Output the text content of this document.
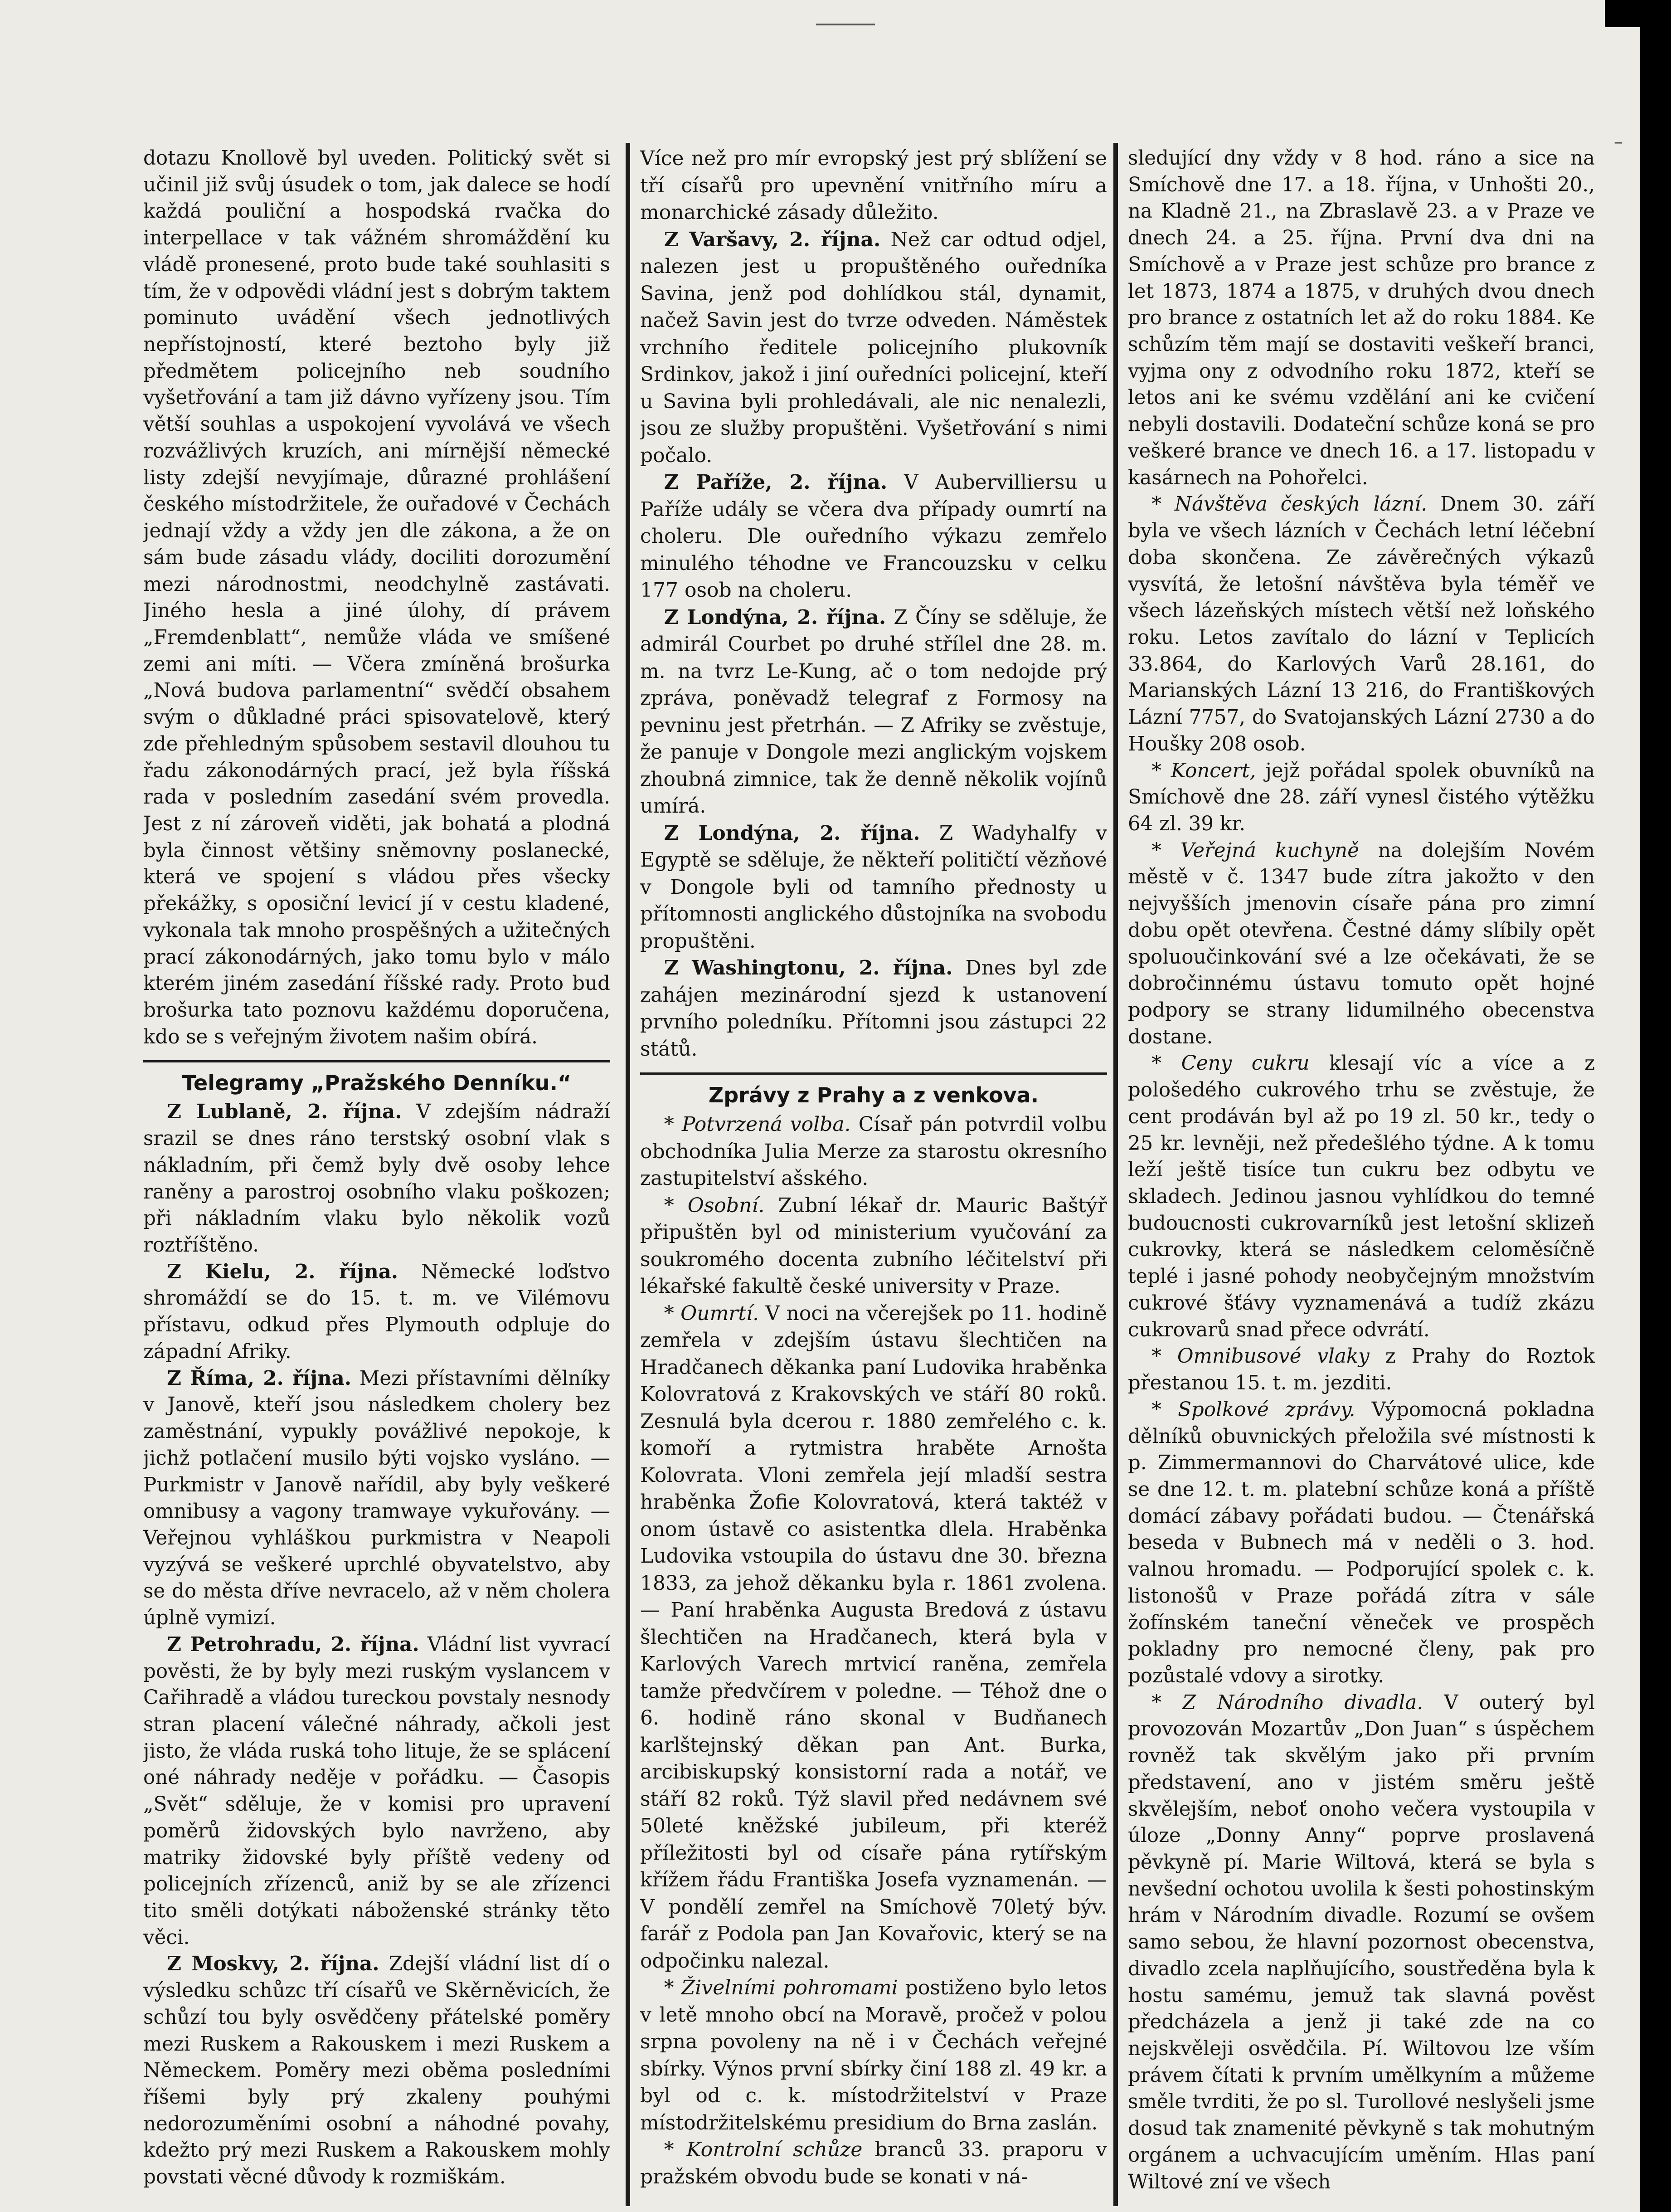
–

dotazu Knollově byl uveden. Politický svět si učinil již svůj úsudek o tom, jak dalece se hodí každá pouliční a hospodská rvačka do interpellace v tak vážném shromáždění ku vládě pronesené, proto bude také souhlasiti s tím, že v odpovědi vládní jest s dobrým taktem pominuto uvádění všech jednotlivých nepřístojností, které beztoho byly již předmětem policejního neb soudního vyšetřování a tam již dávno vyřízeny jsou. Tím větší souhlas a uspokojení vyvolává ve všech rozvážlivých kruzích, ani mírnější německé listy zdejší nevyjímaje, důrazné prohlášení českého místodržitele, že ouřadové v Čechách jednají vždy a vždy jen dle zákona, a že on sám bude zásadu vlády, dociliti dorozumění mezi národnostmi, neodchylně zastávati. Jiného hesla a jiné úlohy, dí právem „Fremdenblatt“, nemůže vláda ve smíšené zemi ani míti. — Včera zmíněná brošurka „Nová budova parlamentní“ svědčí obsahem svým o důkladné práci spisovatelově, který zde přehledným spůsobem sestavil dlouhou tu řadu zákonodárných prací, jež byla říšská rada v posledním zasedání svém provedla. Jest z ní zároveň viděti, jak bohatá a plodná byla činnost většiny sněmovny poslanecké, která ve spojení s vládou přes všecky překážky, s oposiční levicí jí v cestu kladené, vykonala tak mnoho prospěšných a užitečných prací zákonodárných, jako tomu bylo v málo kterém jiném zasedání říšské rady. Proto bud brošurka tato poznovu každému doporučena, kdo se s veřejným životem našim obírá.

Telegramy „Pražského Denníku.“

Z Lublaně, 2. října. V zdejším nádraží srazil se dnes ráno terstský osobní vlak s nákladním, při čemž byly dvě osoby lehce raněny a parostroj osobního vlaku poškozen; při nákladním vlaku bylo několik vozů roztříštěno.

Z Kielu, 2. října. Německé loďstvo shromáždí se do 15. t. m. ve Vilémovu přístavu, odkud přes Plymouth odpluje do západní Afriky.

Z Říma, 2. října. Mezi přístavními dělníky v Janově, kteří jsou následkem cholery bez zaměstnání, vypukly povážlivé nepokoje, k jichž potlačení musilo býti vojsko vysláno. — Purkmistr v Janově nařídil, aby byly veškeré omnibusy a vagony tramwaye vykuřovány. — Veřejnou vyhláškou purkmistra v Neapoli vyzývá se veškeré uprchlé obyvatelstvo, aby se do města dříve nevracelo, až v něm cholera úplně vymizí.

Z Petrohradu, 2. října. Vládní list vyvrací pověsti, že by byly mezi ruským vyslancem v Cařihradě a vládou tureckou povstaly nesnody stran placení válečné náhrady, ačkoli jest jisto, že vláda ruská toho lituje, že se splácení oné náhrady neděje v pořádku. — Časopis „Svět“ sděluje, že v komisi pro upravení poměrů židovských bylo navrženo, aby matriky židovské byly příště vedeny od policejních zřízenců, aniž by se ale zřízenci tito směli dotýkati náboženské stránky těto věci.

Z Moskvy, 2. října. Zdejší vládní list dí o výsledku schůzc tří císařů ve Skěrněvicích, že schůzí tou byly osvědčeny přátelské poměry mezi Ruskem a Rakouskem i mezi Ruskem a Německem. Poměry mezi oběma posledními říšemi byly prý zkaleny pouhými nedorozuměními osobní a náhodné povahy, kdežto prý mezi Ruskem a Rakouskem mohly povstati věcné důvody k rozmiškám.

Více než pro mír evropský jest prý sblížení se tří císařů pro upevnění vnitřního míru a monarchické zásady důležito.

Z Varšavy, 2. října. Než car odtud odjel, nalezen jest u propuštěného ouředníka Savina, jenž pod dohlídkou stál, dynamit, načež Savin jest do tvrze odveden. Náměstek vrchního ředitele policejního plukovník Srdinkov, jakož i jiní ouředníci policejní, kteří u Savina byli prohledávali, ale nic nenalezli, jsou ze služby propuštěni. Vyšetřování s nimi počalo.

Z Paříže, 2. října. V Aubervilliersu u Paříže udály se včera dva případy oumrtí na choleru. Dle ouředního výkazu zemřelo minulého téhodne ve Francouzsku v celku 177 osob na choleru.

Z Londýna, 2. října. Z Číny se sděluje, že admirál Courbet po druhé střílel dne 28. m. m. na tvrz Le-Kung, ač o tom nedojde prý zpráva, poněvadž telegraf z Formosy na pevninu jest přetrhán. — Z Afriky se zvěstuje, že panuje v Dongole mezi anglickým vojskem zhoubná zimnice, tak že denně několik vojínů umírá.

Z Londýna, 2. října. Z Wadyhalfy v Egyptě se sděluje, že někteří političtí vězňové v Dongole byli od tamního přednosty u přítomnosti anglického důstojníka na svobodu propuštěni.

Z Washingtonu, 2. října. Dnes byl zde zahájen mezinárodní sjezd k ustanovení prvního poledníku. Přítomni jsou zástupci 22 států.

Zprávy z Prahy a z venkova.

* Potvrzená volba. Císař pán potvrdil volbu obchodníka Julia Merze za starostu okresního zastupitelství ašského.

* Osobní. Zubní lékař dr. Mauric Baštýř připuštěn byl od ministerium vyučování za soukromého docenta zubního léčitelství při lékařské fakultě české university v Praze.

* Oumrtí. V noci na včerejšek po 11. hodině zemřela v zdejším ústavu šlechtičen na Hradčanech děkanka paní Ludovika hraběnka Kolovratová z Krakovských ve stáří 80 roků. Zesnulá byla dcerou r. 1880 zemřelého c. k. komoří a rytmistra hraběte Arnošta Kolovrata. Vloni zemřela její mladší sestra hraběnka Žofie Kolovratová, která taktéž v onom ústavě co asistentka dlela. Hraběnka Ludovika vstoupila do ústavu dne 30. března 1833, za jehož děkanku byla r. 1861 zvolena. — Paní hraběnka Augusta Bredová z ústavu šlechtičen na Hradčanech, která byla v Karlových Varech mrtvicí raněna, zemřela tamže předvčírem v poledne. — Téhož dne o 6. hodině ráno skonal v Budňanech karlštejnský děkan pan Ant. Burka, arcibiskupský konsistorní rada a notář, ve stáří 82 roků. Týž slavil před nedávnem své 50leté kněžské jubileum, při kteréž příležitosti byl od císaře pána rytířským křížem řádu Františka Josefa vyznamenán. — V pondělí zemřel na Smíchově 70letý býv. farář z Podola pan Jan Kovařovic, který se na odpočinku nalezal.

* Živelními pohromami postiženo bylo letos v letě mnoho obcí na Moravě, pročež v polou srpna povoleny na ně i v Čechách veřejné sbírky. Výnos první sbírky činí 188 zl. 49 kr. a byl od c. k. místodržitelství v Praze místodržitelskému presidium do Brna zaslán.

* Kontrolní schůze branců 33. praporu v pražském obvodu bude se konati v ná-

sledující dny vždy v 8 hod. ráno a sice na Smíchově dne 17. a 18. října, v Unhošti 20., na Kladně 21., na Zbraslavě 23. a v Praze ve dnech 24. a 25. října. První dva dni na Smíchově a v Praze jest schůze pro brance z let 1873, 1874 a 1875, v druhých dvou dnech pro brance z ostatních let až do roku 1884. Ke schůzím těm mají se dostaviti veškeří branci, vyjma ony z odvodního roku 1872, kteří se letos ani ke svému vzdělání ani ke cvičení nebyli dostavili. Dodateční schůze koná se pro veškeré brance ve dnech 16. a 17. listopadu v kasárnech na Pohořelci.

* Návštěva českých lázní. Dnem 30. září byla ve všech lázních v Čechách letní léčební doba skončena. Ze závěrečných výkazů vysvítá, že letošní návštěva byla téměř ve všech lázeňských místech větší než loňského roku. Letos zavítalo do lázní v Teplicích 33.864, do Karlových Varů 28.161, do Marianských Lázní 13 216, do Františkových Lázní 7757, do Svatojanských Lázní 2730 a do Houšky 208 osob.

* Koncert, jejž pořádal spolek obuvníků na Smíchově dne 28. září vynesl čistého výtěžku 64 zl. 39 kr.

* Veřejná kuchyně na dolejším Novém městě v č. 1347 bude zítra jakožto v den nejvyšších jmenovin císaře pána pro zimní dobu opět otevřena. Čestné dámy slíbily opět spoluoučinkování své a lze očekávati, že se dobročinnému ústavu tomuto opět hojné podpory se strany lidumilného obecenstva dostane.

* Ceny cukru klesají víc a více a z pološedého cukrového trhu se zvěstuje, že cent prodáván byl až po 19 zl. 50 kr., tedy o 25 kr. levněji, než předešlého týdne. A k tomu leží ještě tisíce tun cukru bez odbytu ve skladech. Jedinou jasnou vyhlídkou do temné budoucnosti cukrovarníků jest letošní sklizeň cukrovky, která se následkem celoměsíčně teplé i jasné pohody neobyčejným množstvím cukrové šťávy vyznamenává a tudíž zkázu cukrovarů snad přece odvrátí.

* Omnibusové vlaky z Prahy do Roztok přestanou 15. t. m. jezditi.

* Spolkové zprávy. Výpomocná pokladna dělníků obuvnických přeložila své místnosti k p. Zimmermannovi do Charvátové ulice, kde se dne 12. t. m. platební schůze koná a příště domácí zábavy pořádati budou. — Čtenářská beseda v Bubnech má v neděli o 3. hod. valnou hromadu. — Podporující spolek c. k. listonošů v Praze pořádá zítra v sále žofínském taneční věneček ve prospěch pokladny pro nemocné členy, pak pro pozůstalé vdovy a sirotky.

* Z Národního divadla. V outerý byl provozován Mozartův „Don Juan“ s úspěchem rovněž tak skvělým jako při prvním představení, ano v jistém směru ještě skvělejším, neboť onoho večera vystoupila v úloze „Donny Anny“ poprve proslavená pěvkyně pí. Marie Wiltová, která se byla s nevšední ochotou uvolila k šesti pohostinským hrám v Národním divadle. Rozumí se ovšem samo sebou, že hlavní pozornost obecenstva, divadlo zcela naplňujícího, soustředěna byla k hostu samému, jemuž tak slavná pověst předcházela a jenž ji také zde na co nejskvěleji osvědčila. Pí. Wiltovou lze vším právem čítati k prvním umělkyním a můžeme směle tvrditi, že po sl. Turollové neslyšeli jsme dosud tak znamenité pěvkyně s tak mohutným orgánem a uchvacujícím uměním. Hlas paní Wiltové zní ve všech
